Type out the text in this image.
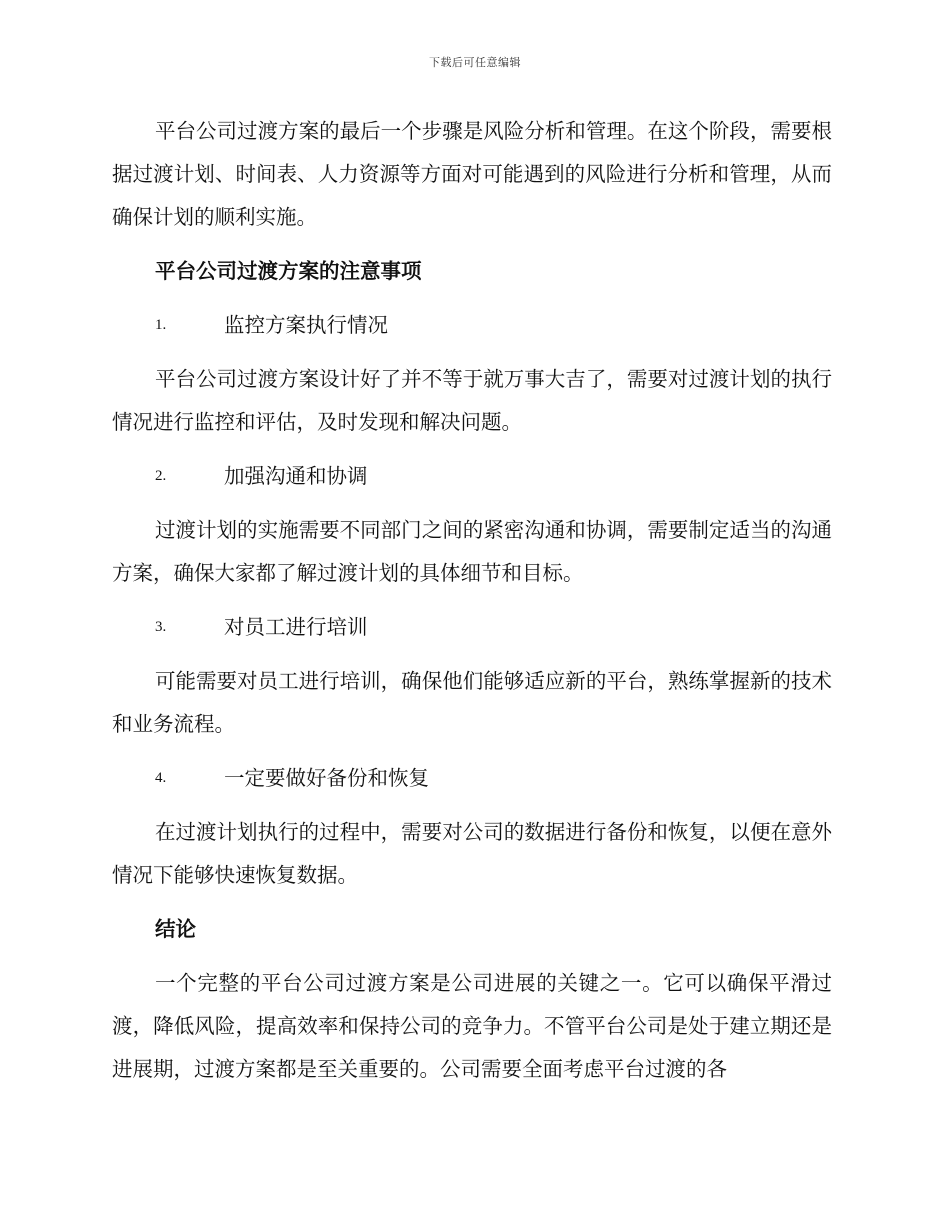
下载后可任意编辑

平台公司过渡方案的最后一个步骤是风险分析和管理。在这个阶段，需要根据过渡计划、时间表、人力资源等方面对可能遇到的风险进行分析和管理，从而确保计划的顺利实施。

平台公司过渡方案的注意事项
1.	监控方案执行情况

平台公司过渡方案设计好了并不等于就万事大吉了，需要对过渡计划的执行情况进行监控和评估，及时发现和解决问题。

2.	加强沟通和协调

过渡计划的实施需要不同部门之间的紧密沟通和协调，需要制定适当的沟通方案，确保大家都了解过渡计划的具体细节和目标。

3.	对员工进行培训

可能需要对员工进行培训，确保他们能够适应新的平台，熟练掌握新的技术和业务流程。

4.	一定要做好备份和恢复

在过渡计划执行的过程中，需要对公司的数据进行备份和恢复，以便在意外情况下能够快速恢复数据。

结论

一个完整的平台公司过渡方案是公司进展的关键之一。它可以确保平滑过渡，降低风险，提高效率和保持公司的竞争力。不管平台公司是处于建立期还是进展期，过渡方案都是至关重要的。公司需要全面考虑平台过渡的各
